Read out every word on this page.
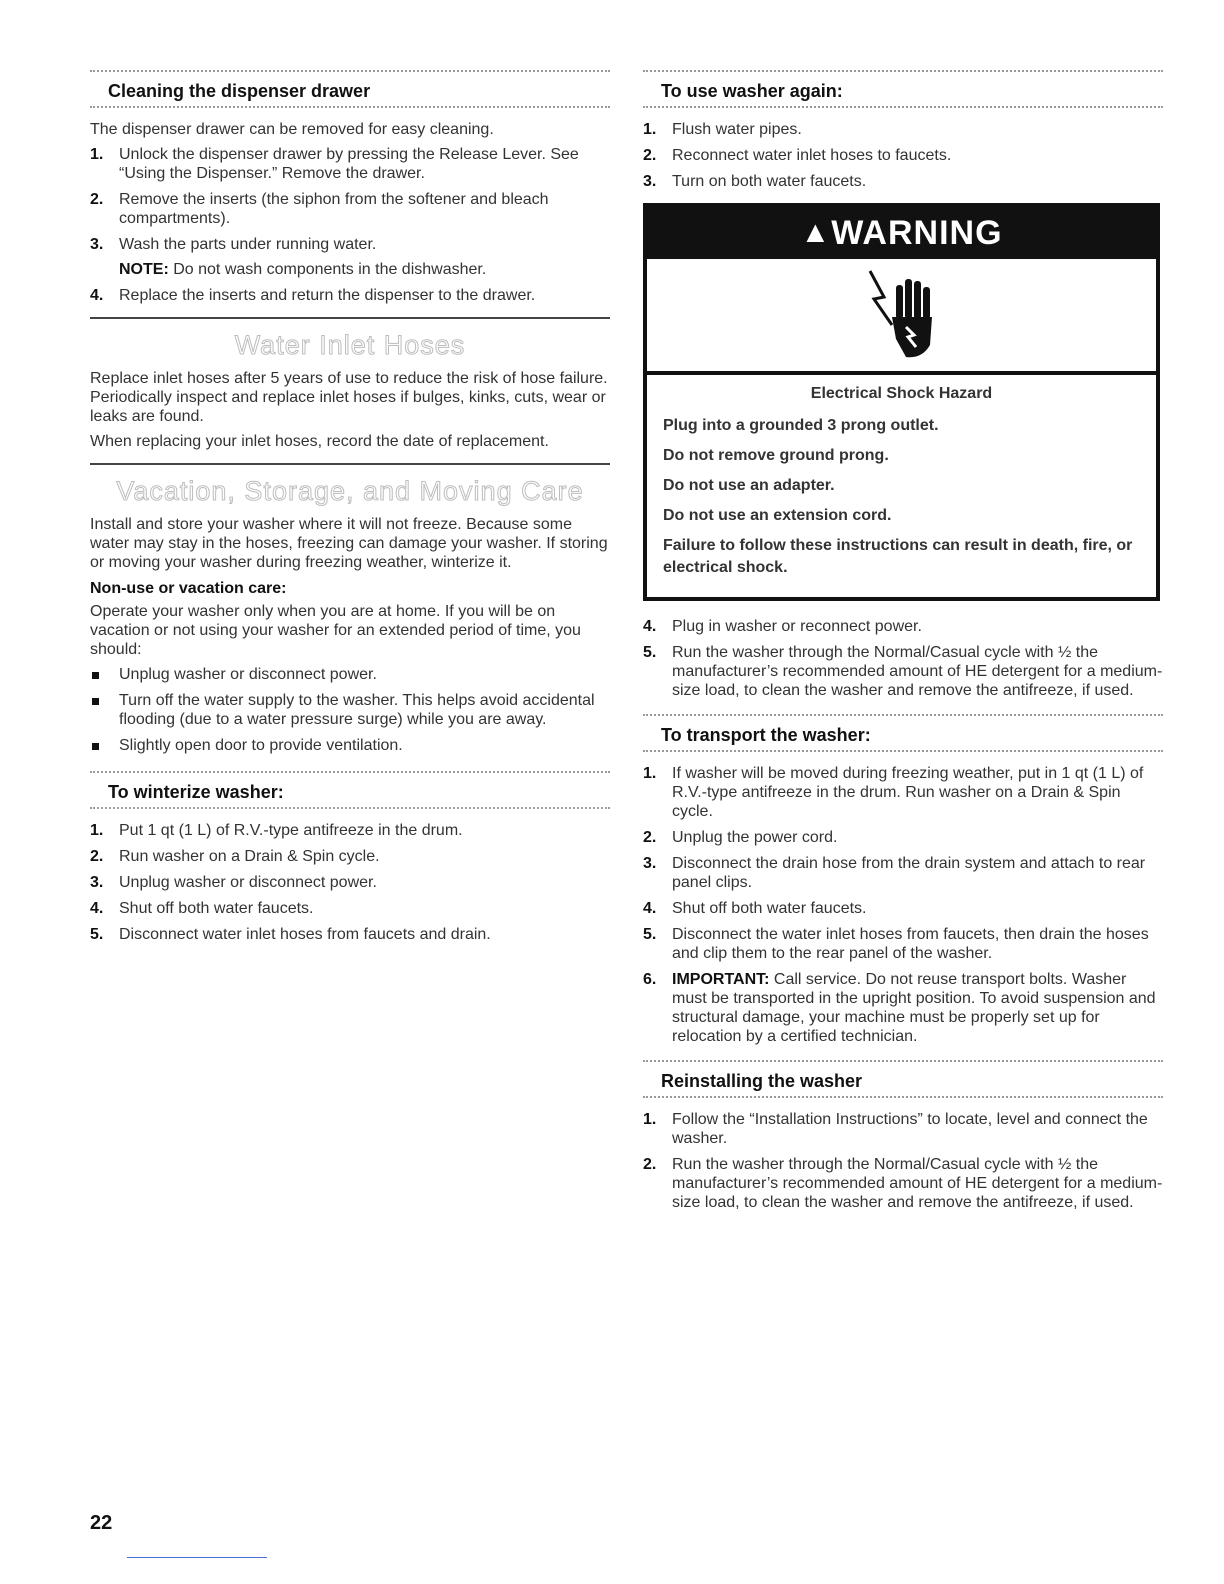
Cleaning the dispenser drawer

The dispenser drawer can be removed for easy cleaning.

1. Unlock the dispenser drawer by pressing the Release Lever. See “Using the Dispenser.” Remove the drawer.
2. Remove the inserts (the siphon from the softener and bleach compartments).
3. Wash the parts under running water.
NOTE: Do not wash components in the dishwasher.
4. Replace the inserts and return the dispenser to the drawer.
Water Inlet Hoses

Replace inlet hoses after 5 years of use to reduce the risk of hose failure. Periodically inspect and replace inlet hoses if bulges, kinks, cuts, wear or leaks are found.

When replacing your inlet hoses, record the date of replacement.

Vacation, Storage, and Moving Care

Install and store your washer where it will not freeze. Because some water may stay in the hoses, freezing can damage your washer. If storing or moving your washer during freezing weather, winterize it.

Non-use or vacation care:

Operate your washer only when you are at home. If you will be on vacation or not using your washer for an extended period of time, you should:

Unplug washer or disconnect power.
Turn off the water supply to the washer. This helps avoid accidental flooding (due to a water pressure surge) while you are away.
Slightly open door to provide ventilation.
To winterize washer:
1. Put 1 qt (1 L) of R.V.-type antifreeze in the drum.
2. Run washer on a Drain & Spin cycle.
3. Unplug washer or disconnect power.
4. Shut off both water faucets.
5. Disconnect water inlet hoses from faucets and drain.
To use washer again:
1. Flush water pipes.
2. Reconnect water inlet hoses to faucets.
3. Turn on both water faucets.
▲WARNING
Electrical Shock Hazard
Plug into a grounded 3 prong outlet.
Do not remove ground prong.
Do not use an adapter.
Do not use an extension cord.
Failure to follow these instructions can result in death, fire, or electrical shock.
4. Plug in washer or reconnect power.
5. Run the washer through the Normal/Casual cycle with ½ the manufacturer’s recommended amount of HE detergent for a medium-size load, to clean the washer and remove the antifreeze, if used.
To transport the washer:
1. If washer will be moved during freezing weather, put in 1 qt (1 L) of R.V.-type antifreeze in the drum. Run washer on a Drain & Spin cycle.
2. Unplug the power cord.
3. Disconnect the drain hose from the drain system and attach to rear panel clips.
4. Shut off both water faucets.
5. Disconnect the water inlet hoses from faucets, then drain the hoses and clip them to the rear panel of the washer.
6. IMPORTANT: Call service. Do not reuse transport bolts. Washer must be transported in the upright position. To avoid suspension and structural damage, your machine must be properly set up for relocation by a certified technician.
Reinstalling the washer
1. Follow the “Installation Instructions” to locate, level and connect the washer.
2. Run the washer through the Normal/Casual cycle with ½ the manufacturer’s recommended amount of HE detergent for a medium-size load, to clean the washer and remove the antifreeze, if used.
22
